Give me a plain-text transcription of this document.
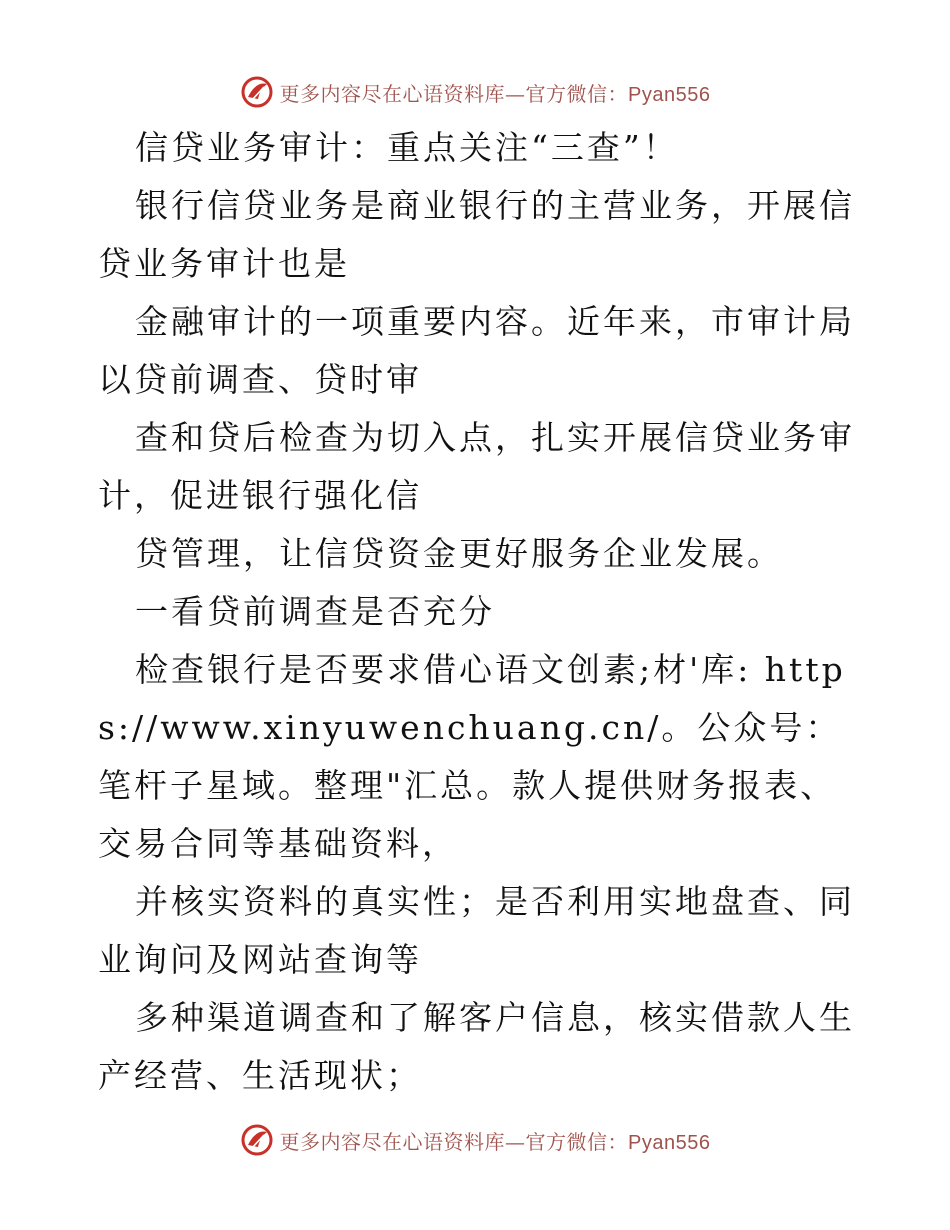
更多内容尽在心语资料库—官方微信：Pyan556

信贷业务审计：重点关注“三查”！

银行信贷业务是商业银行的主营业务，开展信贷业务审计也是

金融审计的一项重要内容。近年来，市审计局以贷前调查、贷时审

查和贷后检查为切入点，扎实开展信贷业务审计，促进银行强化信

贷管理，让信贷资金更好服务企业发展。

一看贷前调查是否充分

检查银行是否要求借心语文创素;材'库: https://www.xinyuwenchuang.cn/。公众号：笔杆子星域。整理"汇总。款人提供财务报表、交易合同等基础资料，

并核实资料的真实性；是否利用实地盘查、同业询问及网站查询等

多种渠道调查和了解客户信息，核实借款人生产经营、生活现状；

更多内容尽在心语资料库—官方微信：Pyan556
